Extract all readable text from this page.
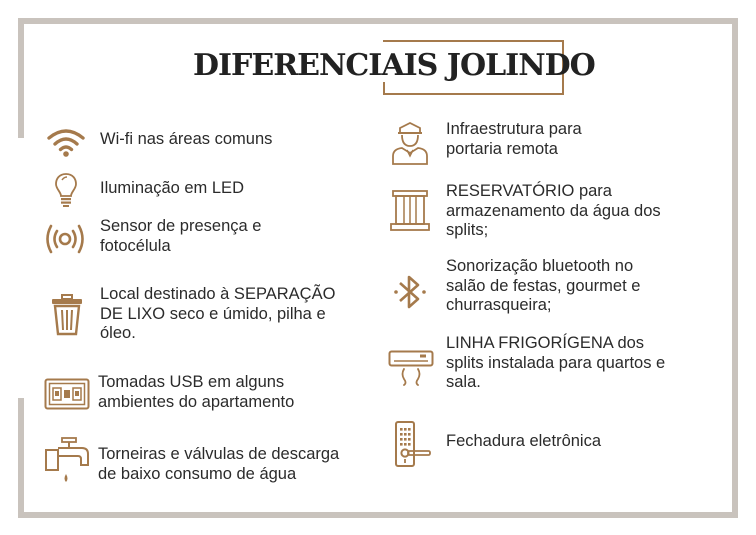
DIFERENCIAIS JOLINDO
Wi-fi nas áreas comuns
Iluminação em LED
Sensor de presença e
fotocélula
Local destinado à SEPARAÇÃO
DE LIXO seco e úmido, pilha e
óleo.
Tomadas USB em alguns
ambientes do apartamento
Torneiras e válvulas de descarga
de baixo consumo de água
Infraestrutura para
portaria remota
RESERVATÓRIO para
armazenamento da água dos
splits;
Sonorização bluetooth no
salão de festas, gourmet e
churrasqueira;
LINHA FRIGORÍGENA dos
splits instalada para quartos e
sala.
Fechadura eletrônica
